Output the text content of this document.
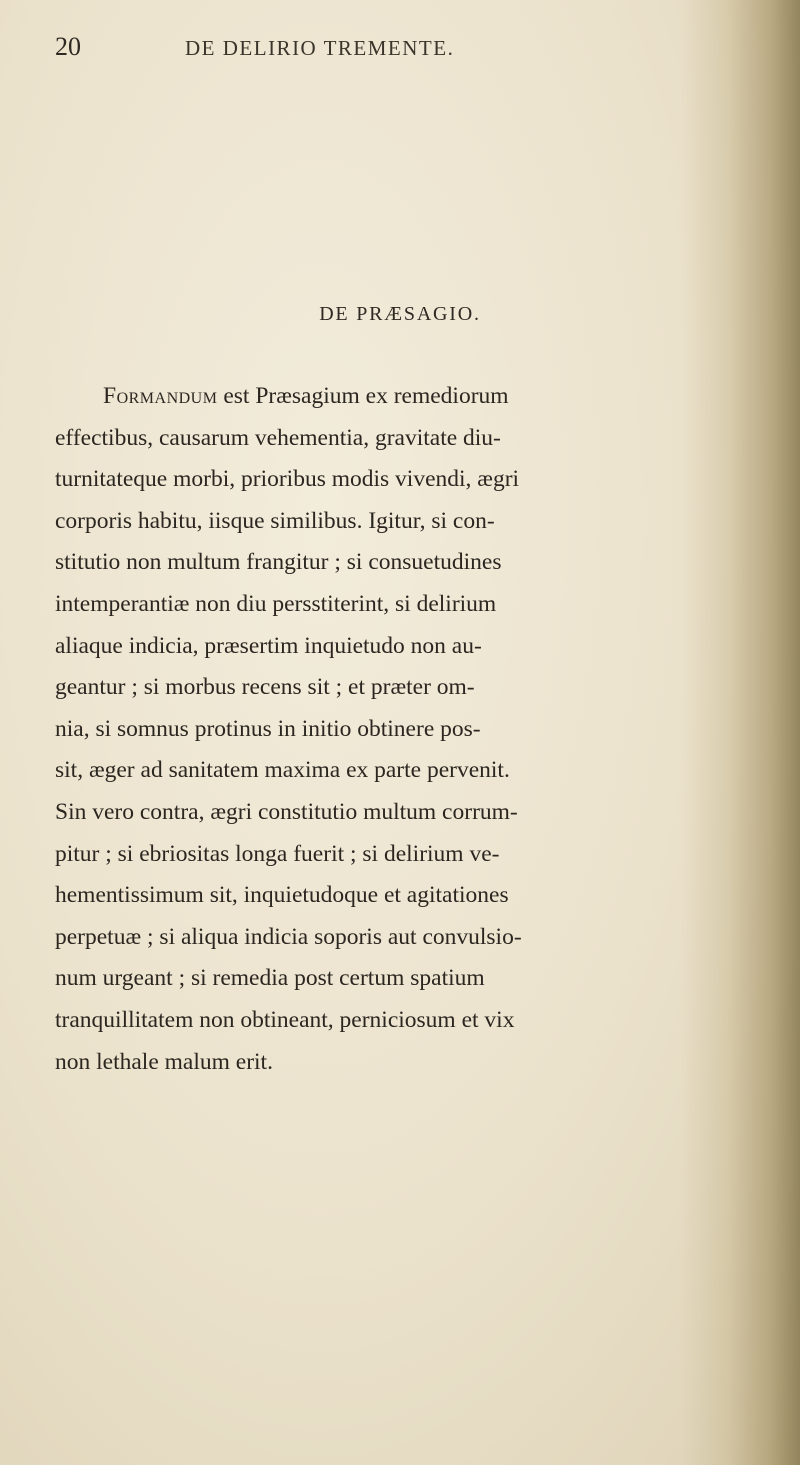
20	DE DELIRIO TREMENTE.
DE PRÆSAGIO.
Formandum est Præsagium ex remediorum
effectibus, causarum vehementia, gravitate diu-
turnitateque morbi, prioribus modis vivendi, ægri
corporis habitu, iisque similibus. Igitur, si con-
stitutio non multum frangitur ; si consuetudines
intemperantiæ non diu persstiterint, si delirium
aliaque indicia, præsertim inquietudo non au-
geantur ; si morbus recens sit ; et præter om-
nia, si somnus protinus in initio obtinere pos-
sit, æger ad sanitatem maxima ex parte pervenit.
Sin vero contra, ægri constitutio multum corrum-
pitur ; si ebriositas longa fuerit ; si delirium ve-
hementissimum sit, inquietudoque et agitationes
perpetuæ ; si aliqua indicia soporis aut convulsio-
num urgeant ; si remedia post certum spatium
tranquillitatem non obtineant, perniciosum et vix
non lethale malum erit.
